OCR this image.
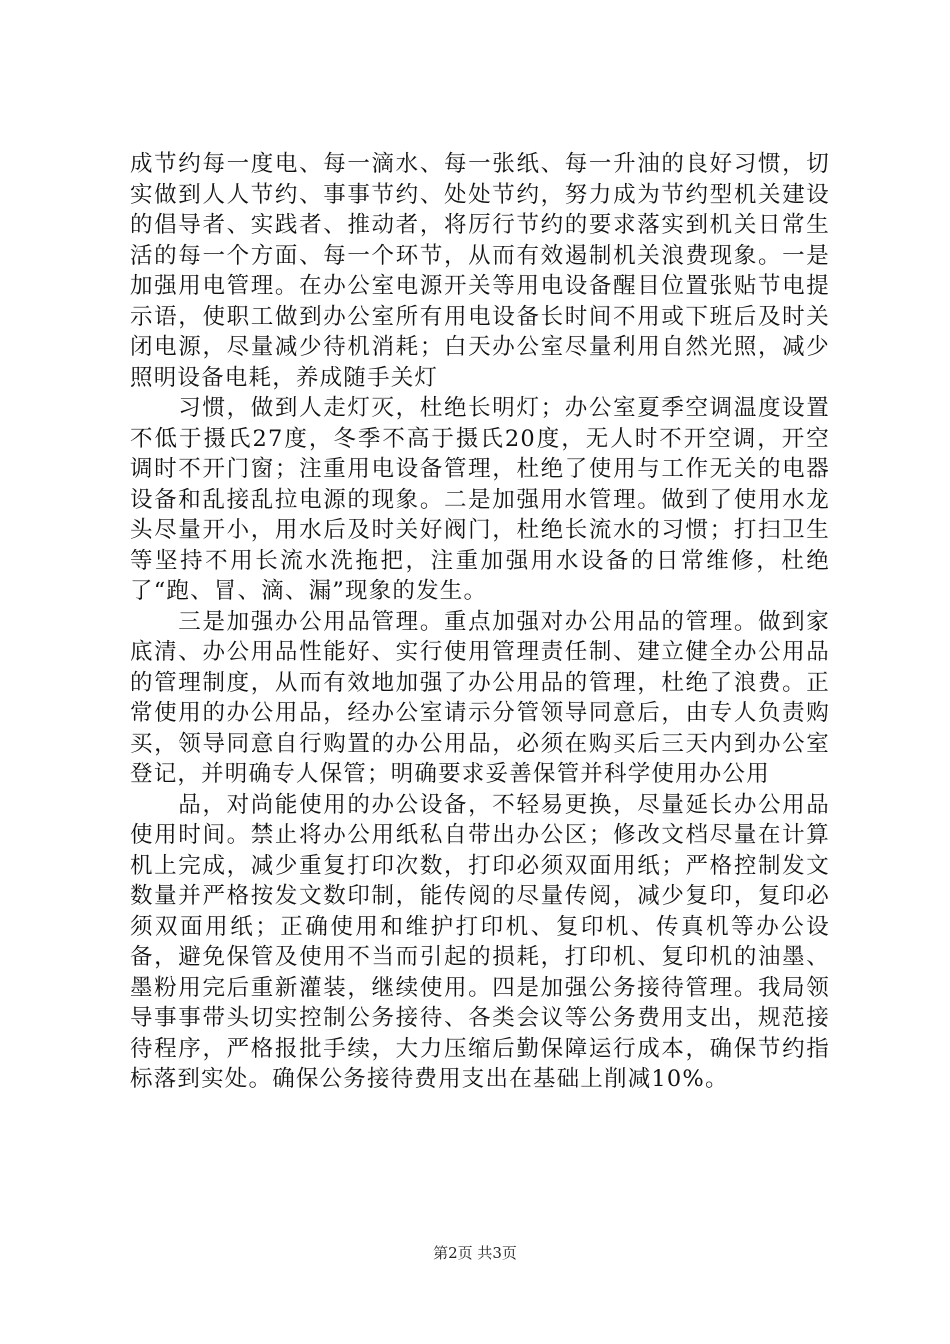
成节约每一度电、每一滴水、每一张纸、每一升油的良好习惯，切实做到人人节约、事事节约、处处节约，努力成为节约型机关建设的倡导者、实践者、推动者，将厉行节约的要求落实到机关日常生活的每一个方面、每一个环节，从而有效遏制机关浪费现象。一是加强用电管理。在办公室电源开关等用电设备醒目位置张贴节电提示语，使职工做到办公室所有用电设备长时间不用或下班后及时关闭电源，尽量减少待机消耗；白天办公室尽量利用自然光照，减少照明设备电耗，养成随手关灯

　　习惯，做到人走灯灭，杜绝长明灯；办公室夏季空调温度设置不低于摄氏27度，冬季不高于摄氏20度，无人时不开空调，开空调时不开门窗；注重用电设备管理，杜绝了使用与工作无关的电器设备和乱接乱拉电源的现象。二是加强用水管理。做到了使用水龙头尽量开小，用水后及时关好阀门，杜绝长流水的习惯；打扫卫生等坚持不用长流水洗拖把，注重加强用水设备的日常维修，杜绝了“跑、冒、滴、漏”现象的发生。

　　三是加强办公用品管理。重点加强对办公用品的管理。做到家底清、办公用品性能好、实行使用管理责任制、建立健全办公用品的管理制度，从而有效地加强了办公用品的管理，杜绝了浪费。正常使用的办公用品，经办公室请示分管领导同意后，由专人负责购买，领导同意自行购置的办公用品，必须在购买后三天内到办公室登记，并明确专人保管；明确要求妥善保管并科学使用办公用

　　品，对尚能使用的办公设备，不轻易更换，尽量延长办公用品使用时间。禁止将办公用纸私自带出办公区；修改文档尽量在计算机上完成，减少重复打印次数，打印必须双面用纸；严格控制发文数量并严格按发文数印制，能传阅的尽量传阅，减少复印，复印必须双面用纸；正确使用和维护打印机、复印机、传真机等办公设备，避免保管及使用不当而引起的损耗，打印机、复印机的油墨、墨粉用完后重新灌装，继续使用。四是加强公务接待管理。我局领导事事带头切实控制公务接待、各类会议等公务费用支出，规范接待程序，严格报批手续，大力压缩后勤保障运行成本，确保节约指标落到实处。确保公务接待费用支出在基础上削减10%。

第2页 共3页
